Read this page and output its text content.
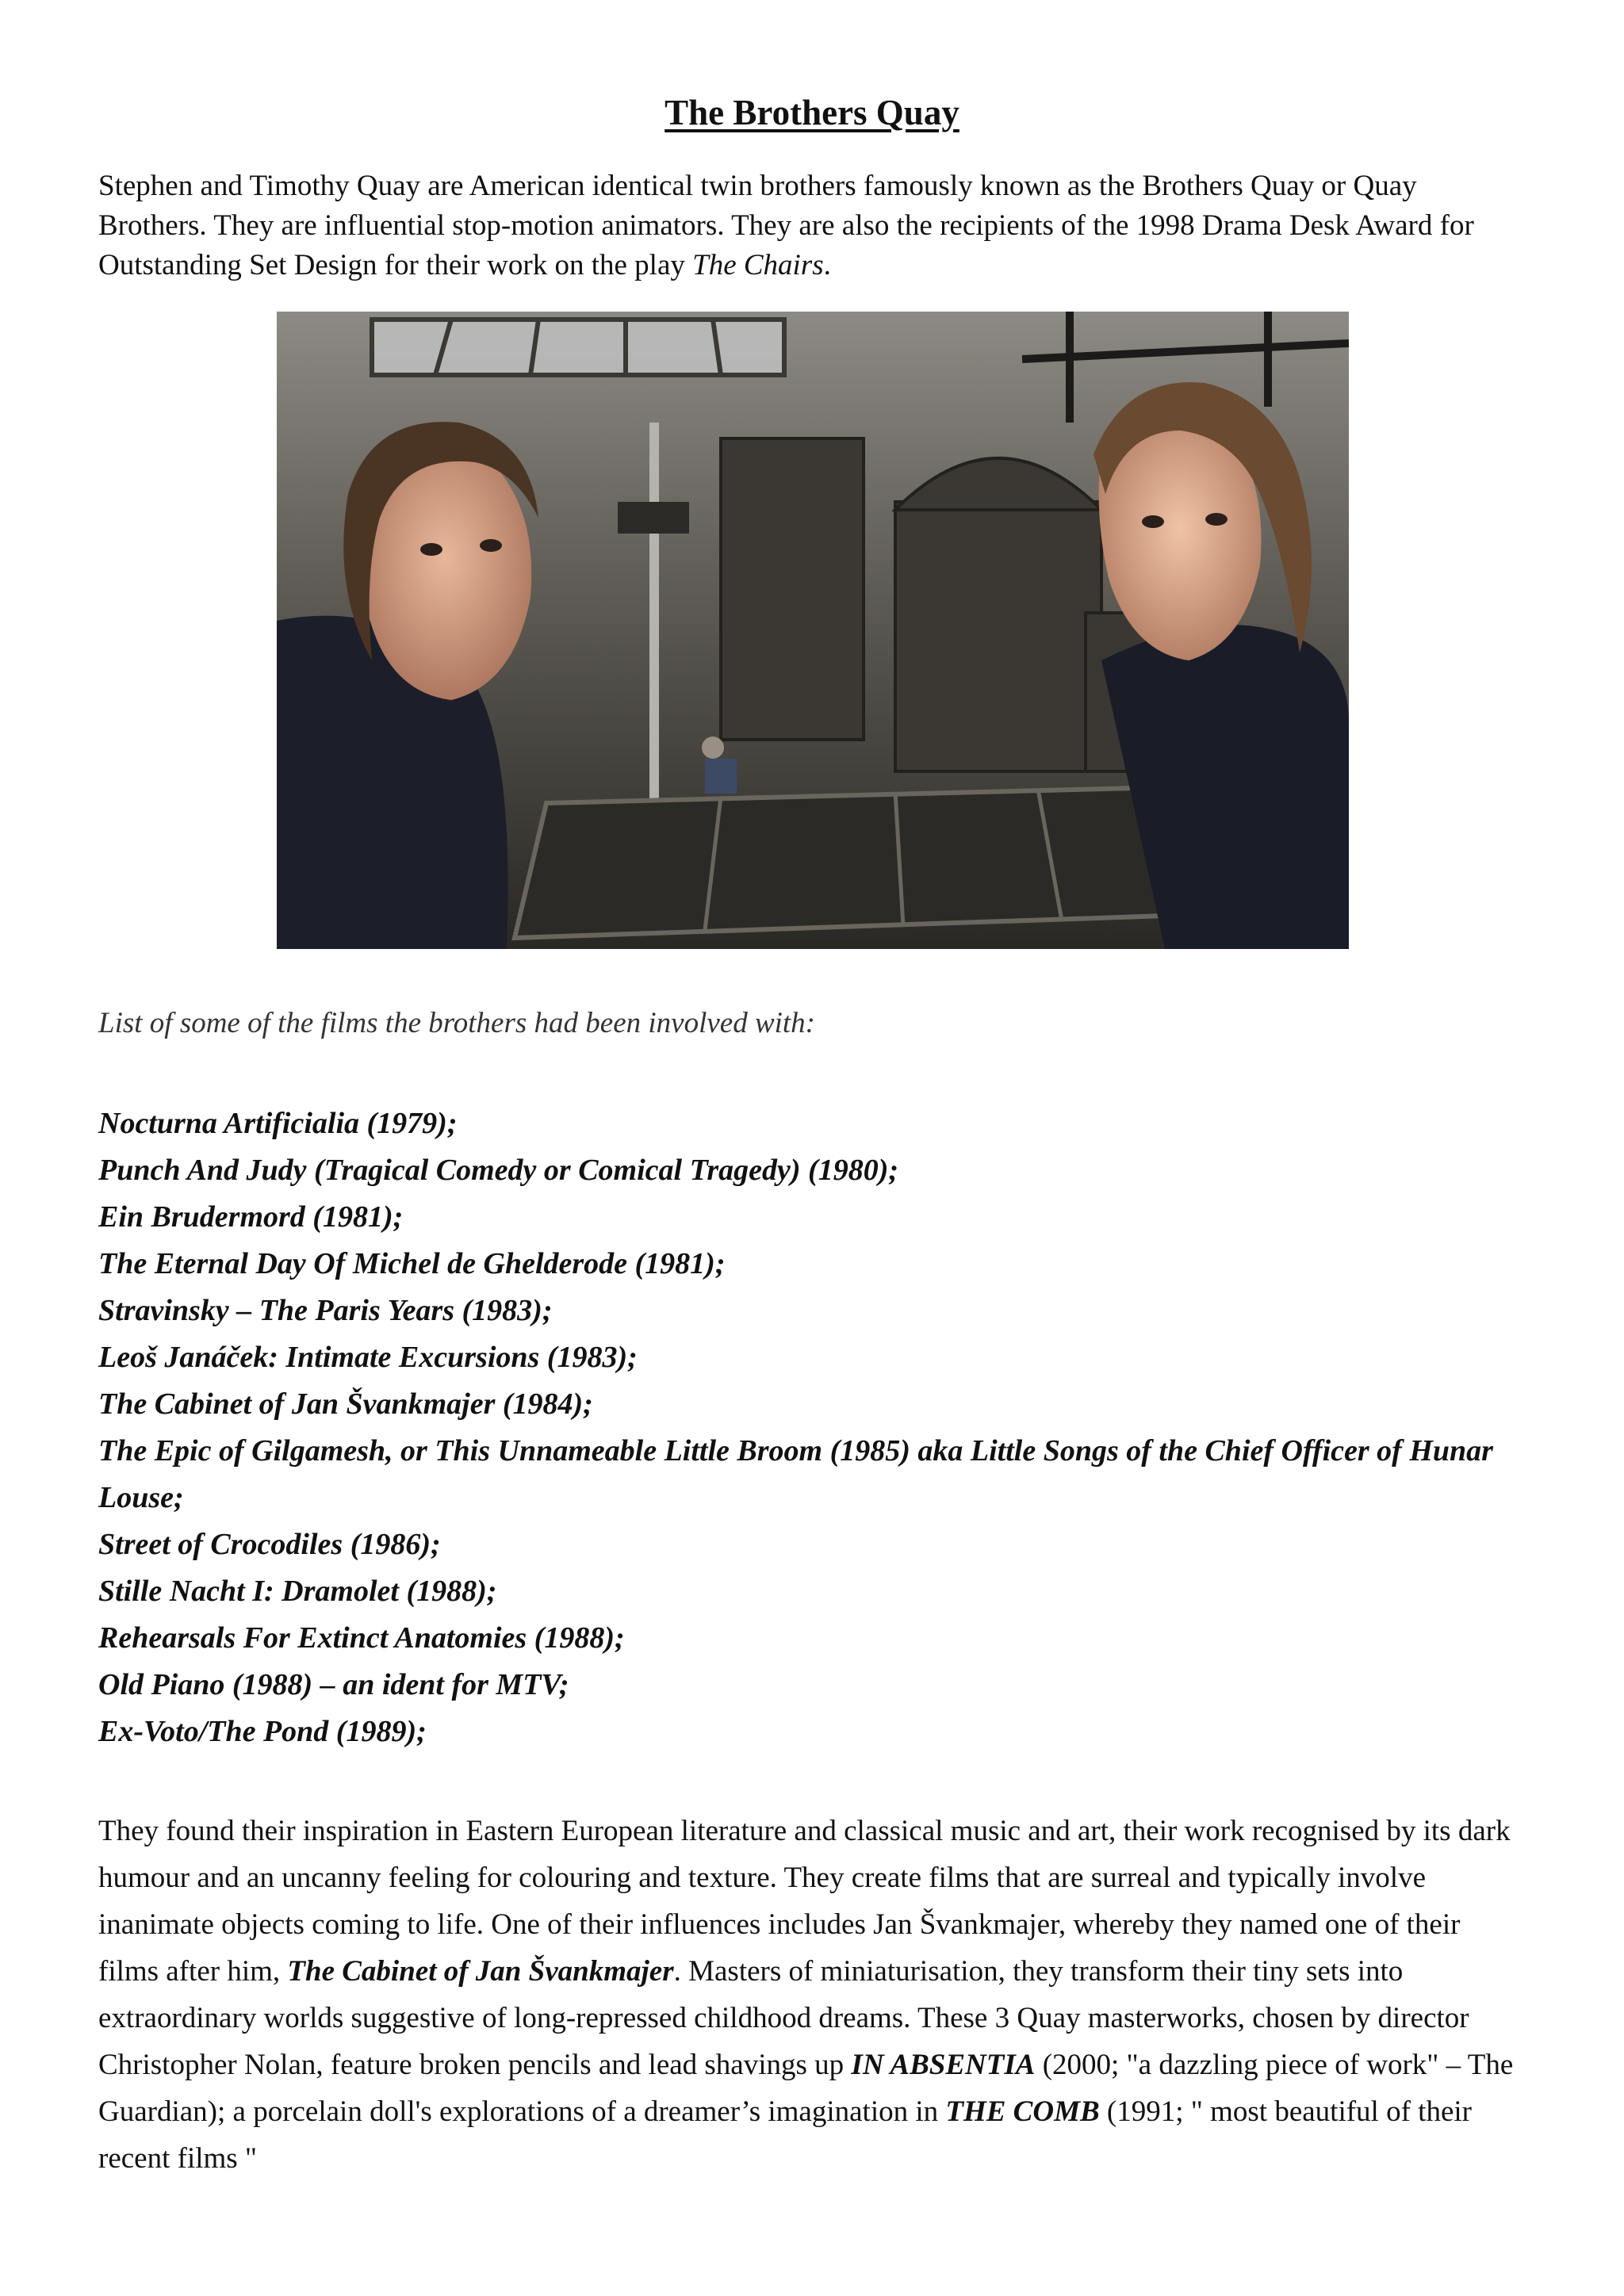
The Brothers Quay

Stephen and Timothy Quay are American identical twin brothers famously known as the Brothers Quay or Quay Brothers. They are influential stop-motion animators. They are also the recipients of the 1998 Drama Desk Award for Outstanding Set Design for their work on the play The Chairs.

List of some of the films the brothers had been involved with:

Nocturna Artificialia (1979);
Punch And Judy (Tragical Comedy or Comical Tragedy) (1980);
Ein Brudermord (1981);
The Eternal Day Of Michel de Ghelderode (1981);
Stravinsky – The Paris Years (1983);
Leoš Janáček: Intimate Excursions (1983);
The Cabinet of Jan Švankmajer (1984);
The Epic of Gilgamesh, or This Unnameable Little Broom (1985) aka Little Songs of the Chief Officer of Hunar Louse;
Street of Crocodiles (1986);
Stille Nacht I: Dramolet (1988);
Rehearsals For Extinct Anatomies (1988);
Old Piano (1988) – an ident for MTV;
Ex-Voto/The Pond (1989);

They found their inspiration in Eastern European literature and classical music and art, their work recognised by its dark humour and an uncanny feeling for colouring and texture. They create films that are surreal and typically involve inanimate objects coming to life. One of their influences includes Jan Švankmajer, whereby they named one of their films after him, The Cabinet of Jan Švankmajer. Masters of miniaturisation, they transform their tiny sets into extraordinary worlds suggestive of long-repressed childhood dreams. These 3 Quay masterworks, chosen by director Christopher Nolan, feature broken pencils and lead shavings up IN ABSENTIA (2000; "a dazzling piece of work" – The Guardian); a porcelain doll's explorations of a dreamer’s imagination in THE COMB (1991; " most beautiful of their recent films "
